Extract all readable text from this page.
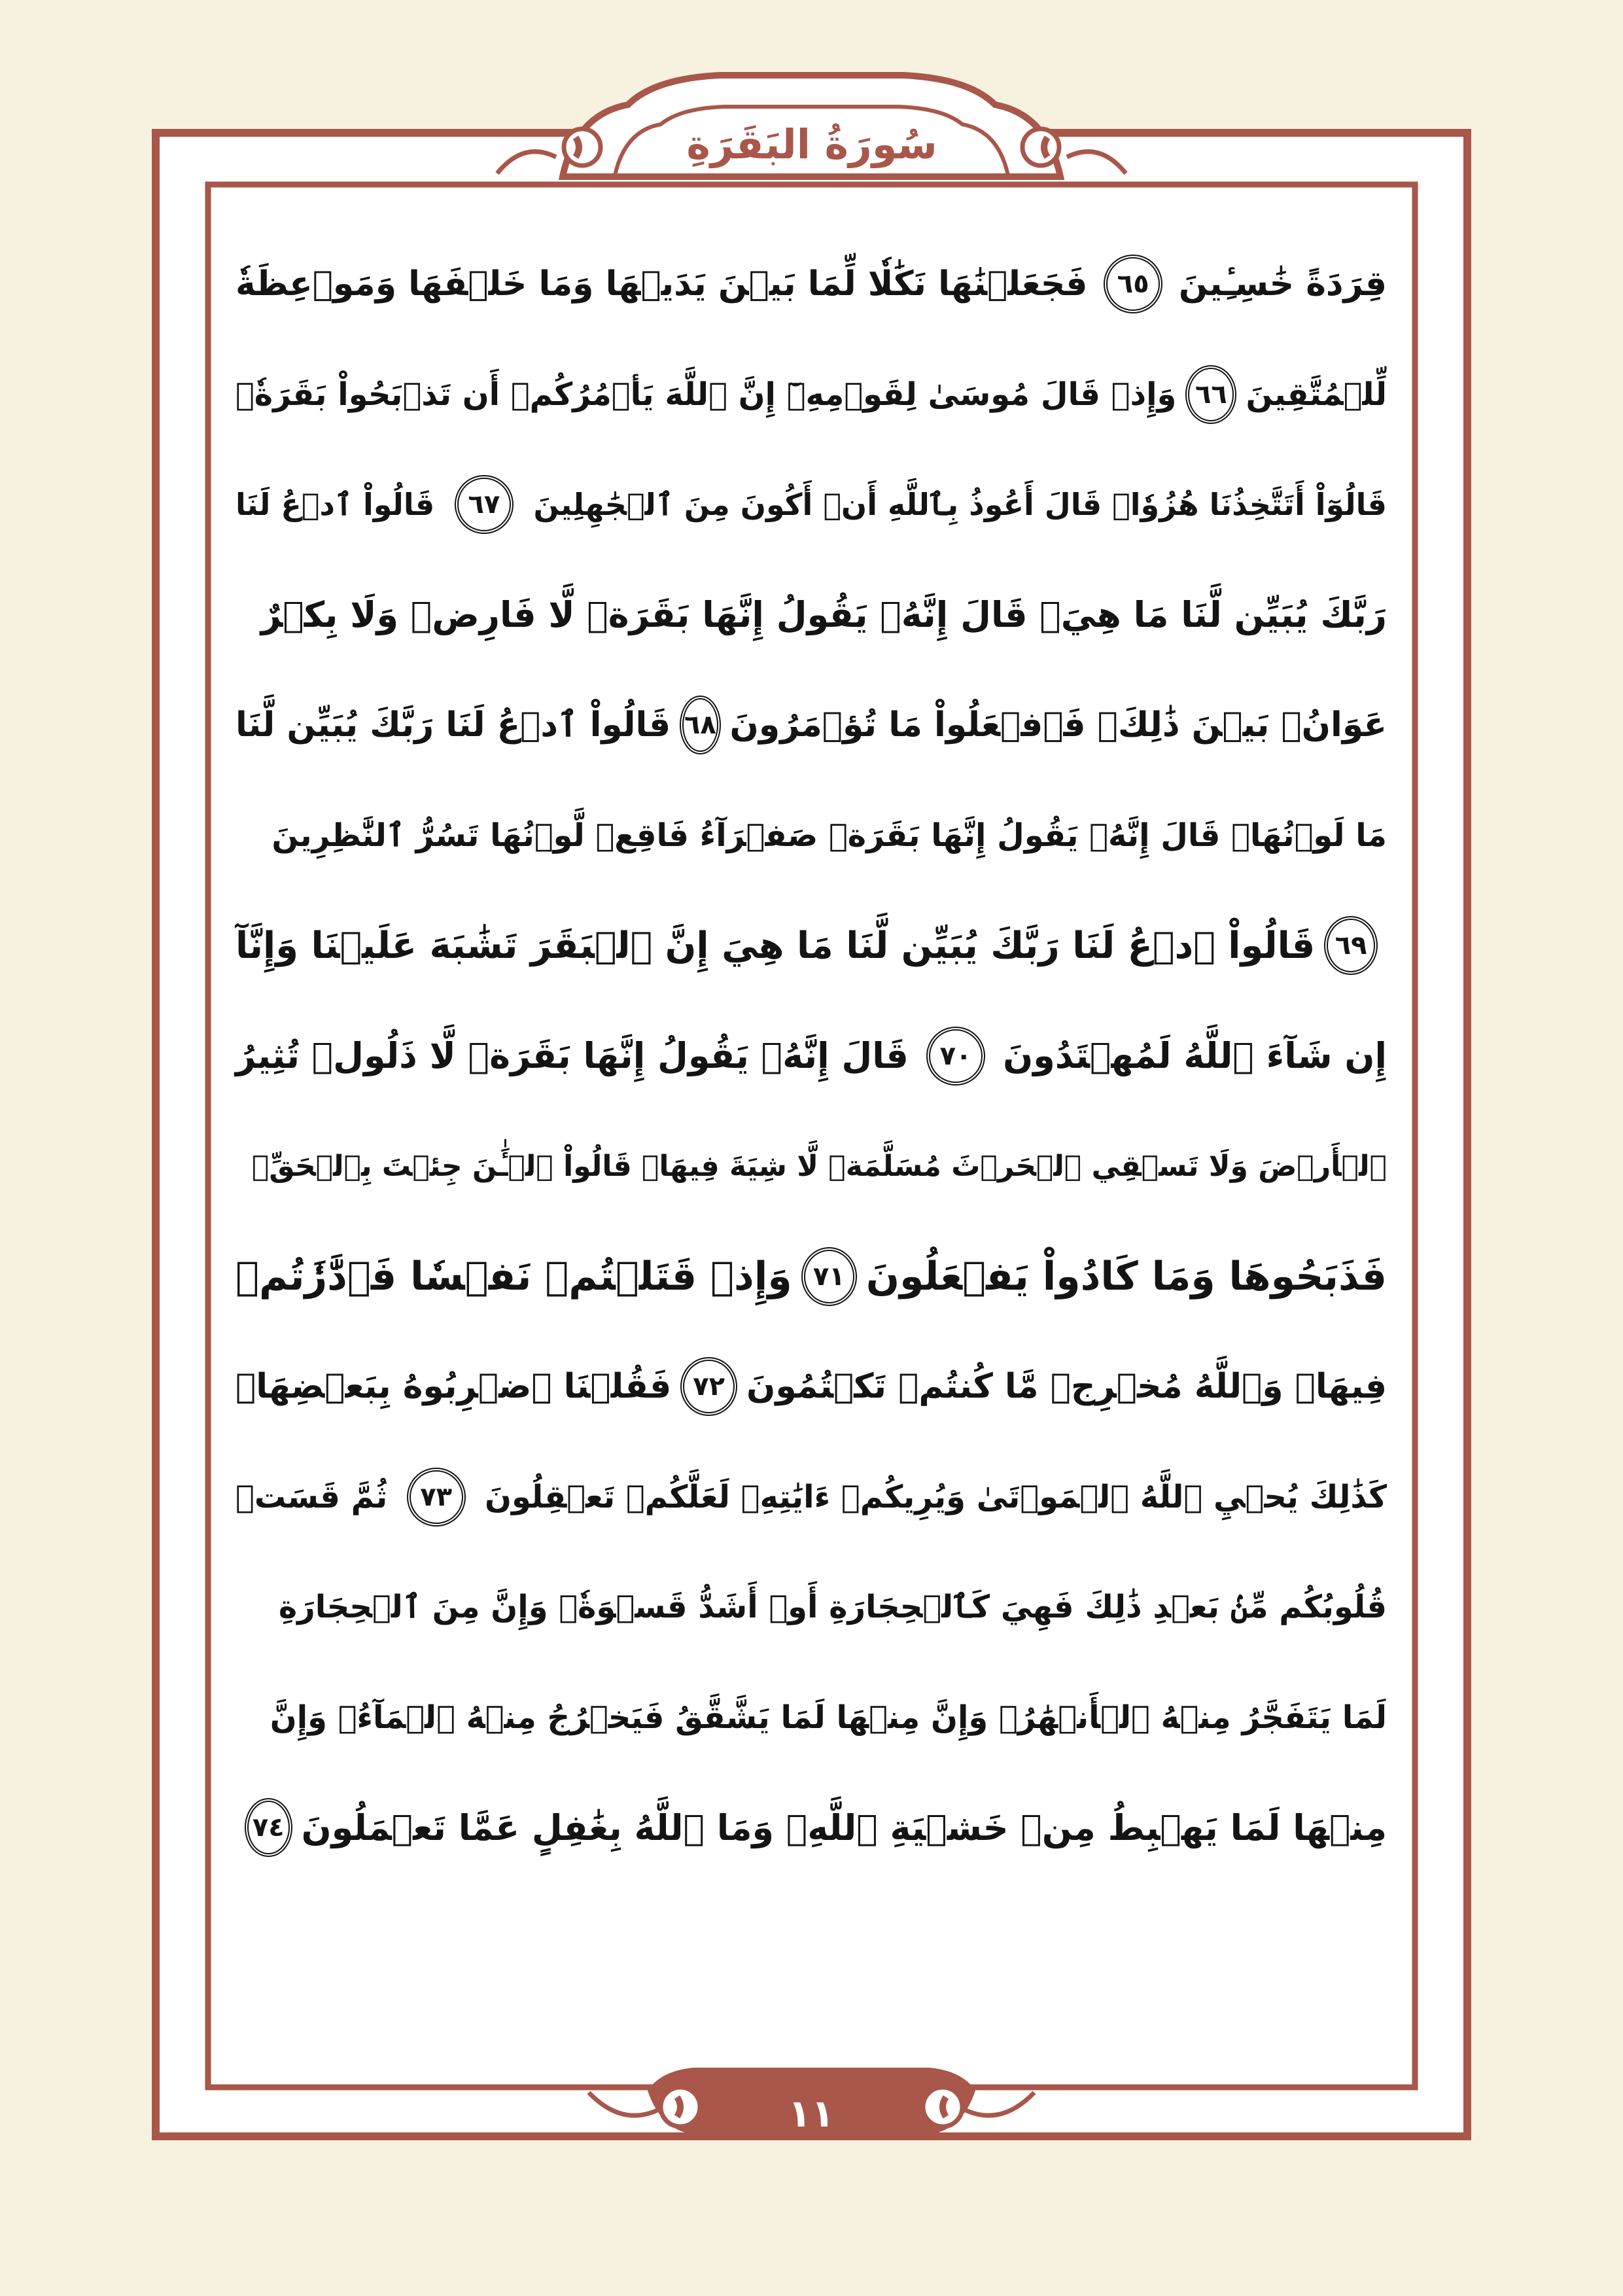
سُورَةُ البَقَرَةِ
قِرَدَةً خَٰسِـِٔينَ
٦٥
فَجَعَلۡنَٰهَا نَكَٰلٗا لِّمَا بَيۡنَ يَدَيۡهَا وَمَا خَلۡفَهَا وَمَوۡعِظَةٗ
لِّلۡمُتَّقِينَ
٦٦
وَإِذۡ قَالَ مُوسَىٰ لِقَوۡمِهِۦٓ إِنَّ ٱللَّهَ يَأۡمُرُكُمۡ أَن تَذۡبَحُواْ بَقَرَةٗۖ
قَالُوٓاْ أَتَتَّخِذُنَا هُزُوٗاۖ قَالَ أَعُوذُ بِٱللَّهِ أَنۡ أَكُونَ مِنَ ٱلۡجَٰهِلِينَ
٦٧
قَالُواْ ٱدۡعُ لَنَا
رَبَّكَ يُبَيِّن لَّنَا مَا هِيَۚ قَالَ إِنَّهُۥ يَقُولُ إِنَّهَا بَقَرَةٞ لَّا فَارِضٞ وَلَا بِكۡرٌ
عَوَانُۢ بَيۡنَ ذَٰلِكَۖ فَٱفۡعَلُواْ مَا تُؤۡمَرُونَ
٦٨
قَالُواْ ٱدۡعُ لَنَا رَبَّكَ يُبَيِّن لَّنَا
مَا لَوۡنُهَاۚ قَالَ إِنَّهُۥ يَقُولُ إِنَّهَا بَقَرَةٞ صَفۡرَآءُ فَاقِعٞ لَّوۡنُهَا تَسُرُّ ٱلنَّٰظِرِينَ
٦٩
قَالُواْ ٱدۡعُ لَنَا رَبَّكَ يُبَيِّن لَّنَا مَا هِيَ إِنَّ ٱلۡبَقَرَ تَشَٰبَهَ عَلَيۡنَا وَإِنَّآ
إِن شَآءَ ٱللَّهُ لَمُهۡتَدُونَ
٧٠
قَالَ إِنَّهُۥ يَقُولُ إِنَّهَا بَقَرَةٞ لَّا ذَلُولٞ تُثِيرُ
ٱلۡأَرۡضَ وَلَا تَسۡقِي ٱلۡحَرۡثَ مُسَلَّمَةٞ لَّا شِيَةَ فِيهَاۚ قَالُواْ ٱلۡـَٰٔنَ جِئۡتَ بِٱلۡحَقِّۚ
فَذَبَحُوهَا وَمَا كَادُواْ يَفۡعَلُونَ
٧١
وَإِذۡ قَتَلۡتُمۡ نَفۡسٗا فَٱدَّٰرَٰٔتُمۡ
فِيهَاۖ وَٱللَّهُ مُخۡرِجٞ مَّا كُنتُمۡ تَكۡتُمُونَ
٧٢
فَقُلۡنَا ٱضۡرِبُوهُ بِبَعۡضِهَاۚ
كَذَٰلِكَ يُحۡيِ ٱللَّهُ ٱلۡمَوۡتَىٰ وَيُرِيكُمۡ ءَايَٰتِهِۦ لَعَلَّكُمۡ تَعۡقِلُونَ
٧٣
ثُمَّ قَسَتۡ
قُلُوبُكُم مِّنۢ بَعۡدِ ذَٰلِكَ فَهِيَ كَٱلۡحِجَارَةِ أَوۡ أَشَدُّ قَسۡوَةٗۚ وَإِنَّ مِنَ ٱلۡحِجَارَةِ
لَمَا يَتَفَجَّرُ مِنۡهُ ٱلۡأَنۡهَٰرُۚ وَإِنَّ مِنۡهَا لَمَا يَشَّقَّقُ فَيَخۡرُجُ مِنۡهُ ٱلۡمَآءُۚ وَإِنَّ
مِنۡهَا لَمَا يَهۡبِطُ مِنۡ خَشۡيَةِ ٱللَّهِۗ وَمَا ٱللَّهُ بِغَٰفِلٍ عَمَّا تَعۡمَلُونَ
٧٤
١١
